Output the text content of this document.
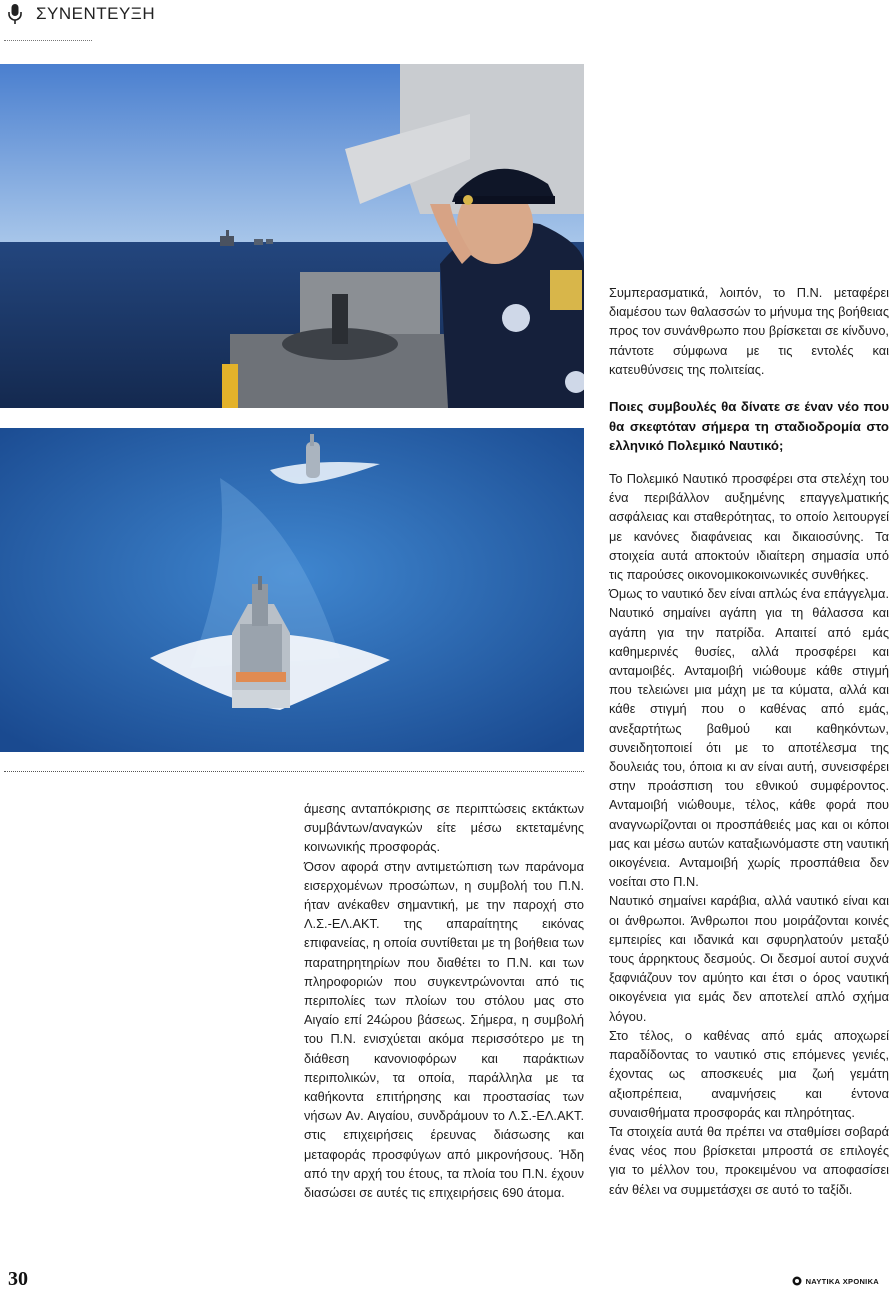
ΣΥΝΕΝΤΕΥΞΗ

άμεσης ανταπόκρισης σε περιπτώσεις εκτάκτων συμβάντων/αναγκών είτε μέσω εκτεταμένης κοινωνικής προσφοράς.

Όσον αφορά στην αντιμετώπιση των παράνομα εισερχομένων προσώπων, η συμβολή του Π.Ν. ήταν ανέκαθεν σημαντική, με την παροχή στο Λ.Σ.-ΕΛ.ΑΚΤ. της απαραίτητης εικόνας επιφανείας, η οποία συντίθεται με τη βοήθεια των παρατηρητηρίων που διαθέτει το Π.Ν. και των πληροφοριών που συγκεντρώνονται από τις περιπολίες των πλοίων του στόλου μας στο Αιγαίο επί 24ώρου βάσεως. Σήμερα, η συμβολή του Π.Ν. ενισχύεται ακόμα περισσότερο με τη διάθεση κανονιοφόρων και παράκτιων περιπολικών, τα οποία, παράλληλα με τα καθήκοντα επιτήρησης και προστασίας των νήσων Αν. Αιγαίου, συνδράμουν το Λ.Σ.-ΕΛ.ΑΚΤ. στις επιχειρήσεις έρευνας διάσωσης και μεταφοράς προσφύγων από μικρονήσους. Ήδη από την αρχή του έτους, τα πλοία του Π.Ν. έχουν διασώσει σε αυτές τις επιχειρήσεις 690 άτομα.

Συμπερασματικά, λοιπόν, το Π.Ν. μεταφέρει διαμέσου των θαλασσών το μήνυμα της βοήθειας προς τον συνάνθρωπο που βρίσκεται σε κίνδυνο, πάντοτε σύμφωνα με τις εντολές και κατευθύνσεις της πολιτείας.

Ποιες συμβουλές θα δίνατε σε έναν νέο που θα σκεφτόταν σήμερα τη σταδιοδρομία στο ελληνικό Πολεμικό Ναυτικό;

Το Πολεμικό Ναυτικό προσφέρει στα στελέχη του ένα περιβάλλον αυξημένης επαγγελματικής ασφάλειας και σταθερότητας, το οποίο λειτουργεί με κανόνες διαφάνειας και δικαιοσύνης. Τα στοιχεία αυτά αποκτούν ιδιαίτερη σημασία υπό τις παρούσες οικονομικοκοινωνικές συνθήκες.

Όμως το ναυτικό δεν είναι απλώς ένα επάγγελμα. Ναυτικό σημαίνει αγάπη για τη θάλασσα και αγάπη για την πατρίδα. Απαιτεί από εμάς καθημερινές θυσίες, αλλά προσφέρει και ανταμοιβές. Ανταμοιβή νιώθουμε κάθε στιγμή που τελειώνει μια μάχη με τα κύματα, αλλά και κάθε στιγμή που ο καθένας από εμάς, ανεξαρτήτως βαθμού και καθηκόντων, συνειδητοποιεί ότι με το αποτέλεσμα της δουλειάς του, όποια κι αν είναι αυτή, συνεισφέρει στην προάσπιση του εθνικού συμφέροντος. Ανταμοιβή νιώθουμε, τέλος, κάθε φορά που αναγνωρίζονται οι προσπάθειές μας και οι κόποι μας και μέσω αυτών καταξιωνόμαστε στη ναυτική οικογένεια. Ανταμοιβή χωρίς προσπάθεια δεν νοείται στο Π.Ν.

Ναυτικό σημαίνει καράβια, αλλά ναυτικό είναι και οι άνθρωποι. Άνθρωποι που μοιράζονται κοινές εμπειρίες και ιδανικά και σφυρηλατούν μεταξύ τους άρρηκτους δεσμούς. Οι δεσμοί αυτοί συχνά ξαφνιάζουν τον αμύητο και έτσι ο όρος ναυτική οικογένεια για εμάς δεν αποτελεί απλό σχήμα λόγου.

Στο τέλος, ο καθένας από εμάς αποχωρεί παραδίδοντας το ναυτικό στις επόμενες γενιές, έχοντας ως αποσκευές μια ζωή γεμάτη αξιοπρέπεια, αναμνήσεις και έντονα συναισθήματα προσφοράς και πληρότητας.

Τα στοιχεία αυτά θα πρέπει να σταθμίσει σοβαρά ένας νέος που βρίσκεται μπροστά σε επιλογές για το μέλλον του, προκειμένου να αποφασίσει εάν θέλει να συμμετάσχει σε αυτό το ταξίδι.

30	ΝΑΥΤΙΚΑ ΧΡΟΝΙΚΑ
